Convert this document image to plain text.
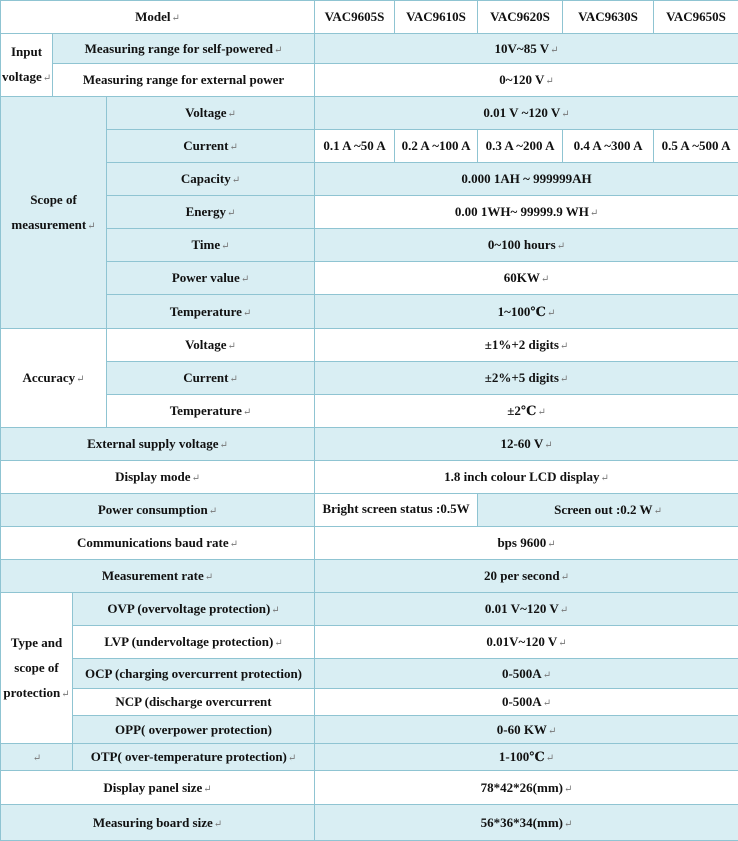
Model↵				VAC9605S	VAC9610S	VAC9620S	VAC9630S	VAC9650S

Input
voltage↵	Measuring range for self-powered↵			10V~85 V↵				
	Measuring range for external power			0~120 V↵				

Scope of
measurement↵			Voltage↵	0.01 V ~120 V↵				
			Current↵	0.1 A ~50 A	0.2 A ~100 A	0.3 A ~200 A	0.4 A ~300 A	0.5 A ~500 A
			Capacity↵	0.000 1AH ~ 999999AH				
			Energy↵	0.00 1WH~ 99999.9 WH↵				
			Time↵	0~100 hours↵				
			Power value↵	60KW↵				
			Temperature↵	1~100℃↵				
Accuracy↵			Voltage↵	±1%+2 digits↵				
			Current↵	±2%+5 digits↵				
			Temperature↵	±2℃↵				
External supply voltage↵				12-60 V↵				
Display mode↵				1.8 inch colour LCD display↵				
Power consumption↵				Bright screen status :0.5W		Screen out :0.2 W↵		
Communications baud rate↵				bps 9600↵				
Measurement rate↵				20 per second↵				

Type and
scope of
protection↵		OVP (overvoltage protection)↵		0.01 V~120 V↵				
		LVP (undervoltage protection)↵		0.01V~120 V↵				
		OCP (charging overcurrent protection)		0-500A↵				
		NCP (discharge overcurrent		0-500A↵				
		OPP( overpower protection)		0-60 KW↵				
↵		OTP( over-temperature protection)↵		1-100℃↵				
Display panel size↵				78*42*26(mm)↵				
Measuring board size↵				56*36*34(mm)↵				
